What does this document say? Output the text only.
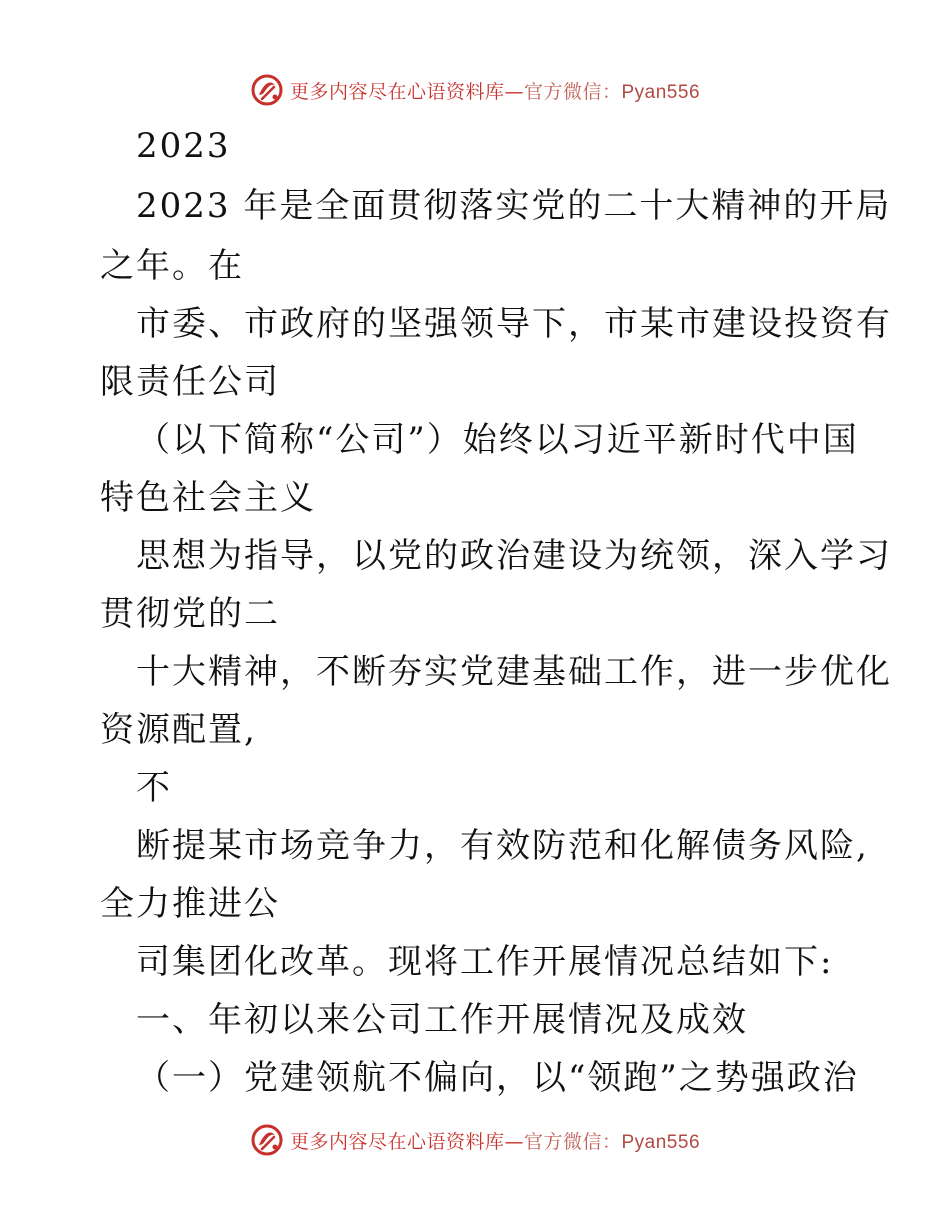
更多内容尽在心语资料库—官方微信：Pyan556
2023
2023 年是全面贯彻落实党的二十大精神的开局
之年。在
市委、市政府的坚强领导下，市某市建设投资有
限责任公司
（以下简称“公司”）始终以习近平新时代中国
特色社会主义
思想为指导，以党的政治建设为统领，深入学习
贯彻党的二
十大精神，不断夯实党建基础工作，进一步优化
资源配置,
不
断提某市场竞争力，有效防范和化解债务风险,
全力推进公
司集团化改革。现将工作开展情况总结如下:
一、年初以来公司工作开展情况及成效
（一）党建领航不偏向，以“领跑”之势强政治
更多内容尽在心语资料库—官方微信：Pyan556
